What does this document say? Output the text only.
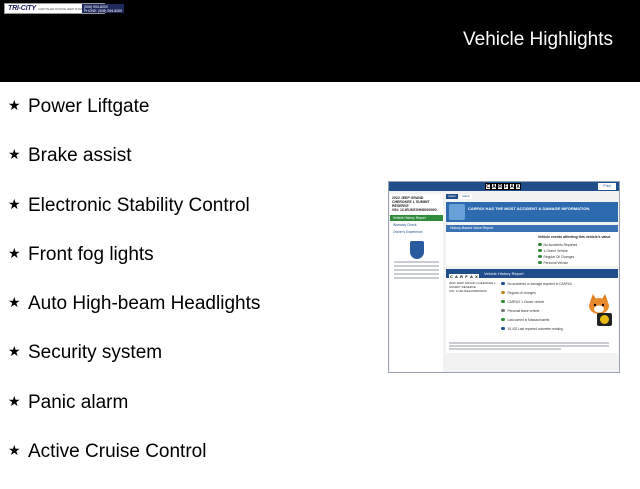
TRI-CITY CHRYSLER DODGE JEEP RAM (508) 994-8000
PHONE: (508) 994-8000
Vehicle Highlights
★ Power Liftgate
★ Brake assist
★ Electronic Stability Control
★ Front fog lights
★ Auto High-beam Headlights
★ Security system
★ Panic alarm
★ Active Cruise Control
C A R F A X	Print
2022 JEEP GRAND CHEROKEE L SUMMIT RESERVE
VIN: 1C4RJKEG9N8000000
Vehicle History Report
Warranty Check
Owner's Experience
Claim	Rank
CARFAX HAS THE MOST ACCIDENT & DAMAGE INFORMATION
History-Based Value Report
Vehicle events affecting this vehicle's value
No Accidents Reported
1-Owner Vehicle
Regular Oil Changes
Personal Vehicle
C A R F A X Vehicle History Report
2022 JEEP GRAND CHEROKEE L SUMMIT RESERVE
VIN: 1C4RJKEG9N8000000
No accidents or damage reported to CARFAX
Regular oil changes
CARFAX 1-Owner vehicle
Personal lease vehicle
Last owned in Massachusetts
30,432 Last reported odometer reading
